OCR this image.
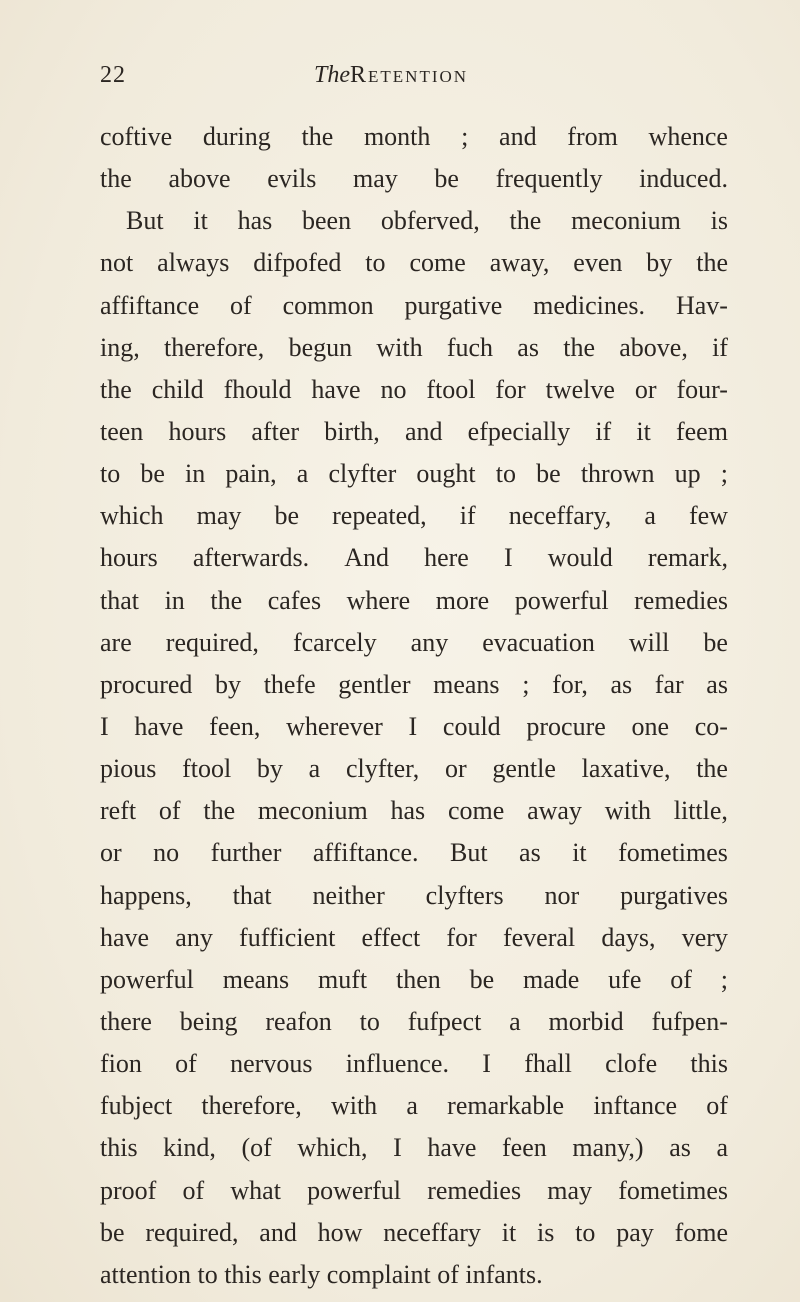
22	TheRetention
coftive during the month ; and from whence
the above evils may be frequently induced.
But it has been obferved, the meconium is
not always difpofed to come away, even by the
affiftance of common purgative medicines. Hav-
ing, therefore, begun with fuch as the above, if
the child fhould have no ftool for twelve or four-
teen hours after birth, and efpecially if it feem
to be in pain, a clyfter ought to be thrown up ;
which may be repeated, if neceffary, a few
hours afterwards. And here I would remark,
that in the cafes where more powerful remedies
are required, fcarcely any evacuation will be
procured by thefe gentler means ; for, as far as
I have feen, wherever I could procure one co-
pious ftool by a clyfter, or gentle laxative, the
reft of the meconium has come away with little,
or no further affiftance. But as it fometimes
happens, that neither clyfters nor purgatives
have any fufficient effect for feveral days, very
powerful means muft then be made ufe of ;
there being reafon to fufpect a morbid fufpen-
fion of nervous influence. I fhall clofe this
fubject therefore, with a remarkable inftance of
this kind, (of which, I have feen many,) as a
proof of what powerful remedies may fometimes
be required, and how neceffary it is to pay fome
attention to this early complaint of infants.
